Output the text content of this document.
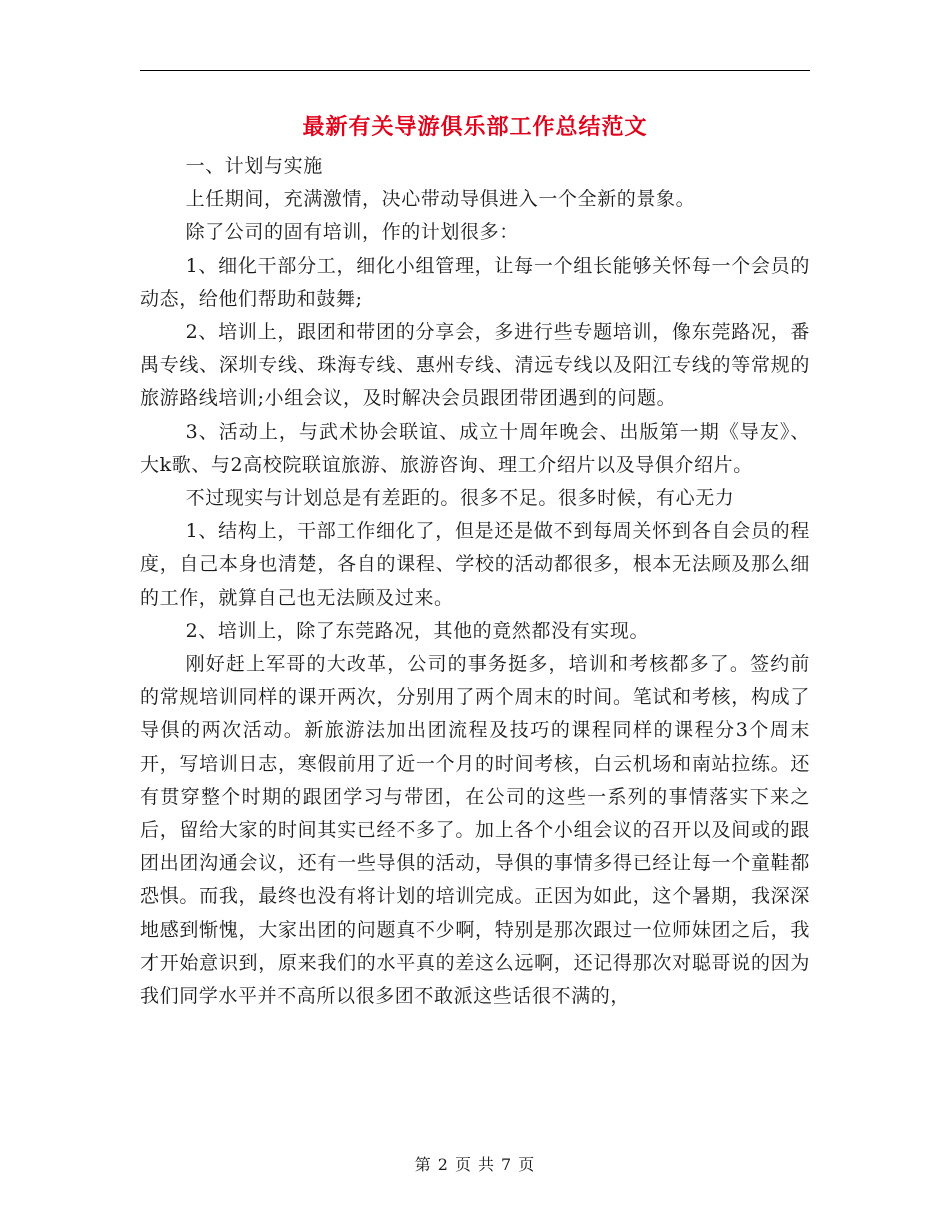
最新有关导游俱乐部工作总结范文

一、计划与实施

上任期间，充满激情，决心带动导俱进入一个全新的景象。

除了公司的固有培训，作的计划很多：

1、细化干部分工，细化小组管理，让每一个组长能够关怀每一个会员的动态，给他们帮助和鼓舞;

2、培训上，跟团和带团的分享会，多进行些专题培训，像东莞路况，番禺专线、深圳专线、珠海专线、惠州专线、清远专线以及阳江专线的等常规的旅游路线培训;小组会议，及时解决会员跟团带团遇到的问题。

3、活动上，与武术协会联谊、成立十周年晚会、出版第一期《导友》、大k歌、与2高校院联谊旅游、旅游咨询、理工介绍片以及导俱介绍片。

不过现实与计划总是有差距的。很多不足。很多时候，有心无力

1、结构上，干部工作细化了，但是还是做不到每周关怀到各自会员的程度，自己本身也清楚，各自的课程、学校的活动都很多，根本无法顾及那么细的工作，就算自己也无法顾及过来。

2、培训上，除了东莞路况，其他的竟然都没有实现。

刚好赶上军哥的大改革，公司的事务挺多，培训和考核都多了。签约前的常规培训同样的课开两次，分别用了两个周末的时间。笔试和考核，构成了导俱的两次活动。新旅游法加出团流程及技巧的课程同样的课程分3个周末开，写培训日志，寒假前用了近一个月的时间考核，白云机场和南站拉练。还有贯穿整个时期的跟团学习与带团，在公司的这些一系列的事情落实下来之后，留给大家的时间其实已经不多了。加上各个小组会议的召开以及间或的跟团出团沟通会议，还有一些导俱的活动，导俱的事情多得已经让每一个童鞋都恐惧。而我，最终也没有将计划的培训完成。正因为如此，这个暑期，我深深地感到惭愧，大家出团的问题真不少啊，特别是那次跟过一位师妹团之后，我才开始意识到，原来我们的水平真的差这么远啊，还记得那次对聪哥说的因为我们同学水平并不高所以很多团不敢派这些话很不满的，

第 2 页 共 7 页
